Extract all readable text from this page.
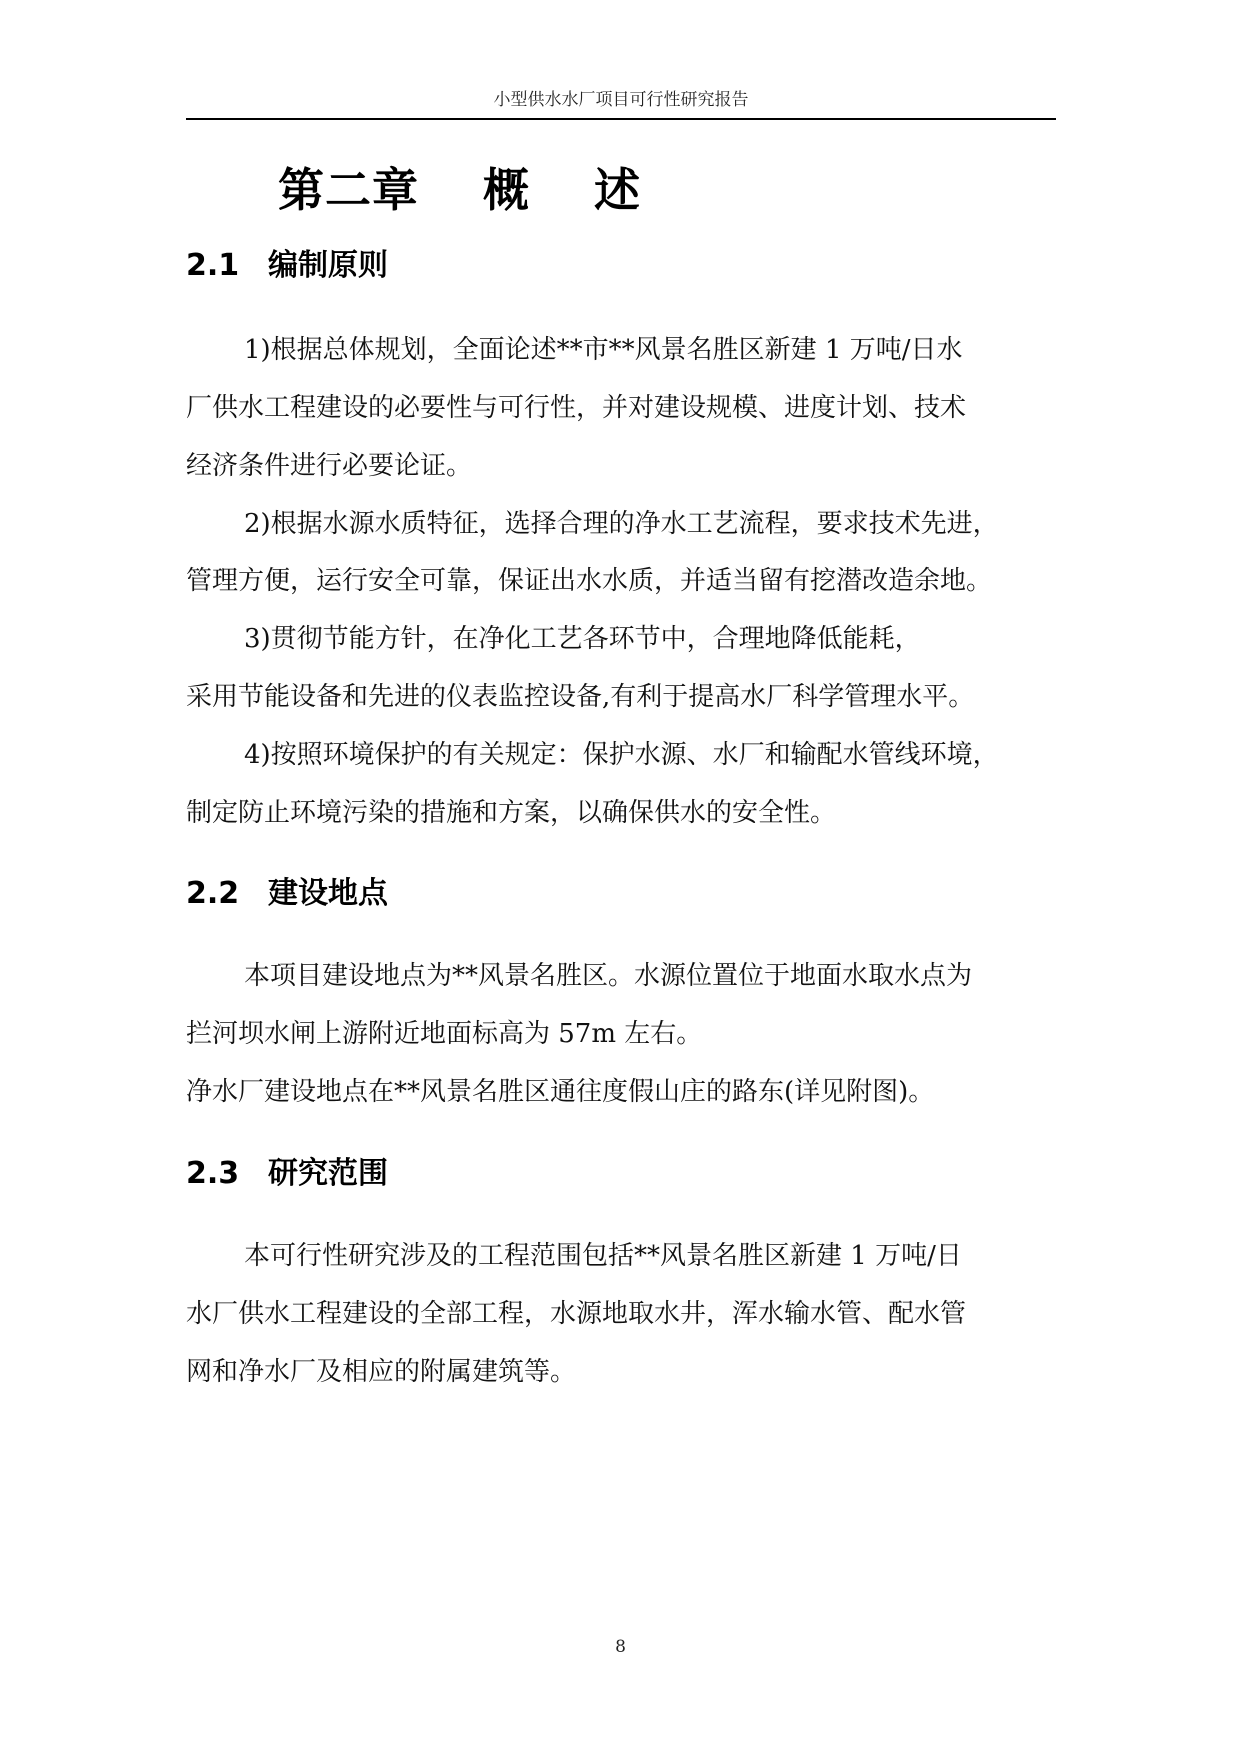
小型供水水厂项目可行性研究报告
第二章　 概　 述
2.1 编制原则
1)根据总体规划，全面论述**市**风景名胜区新建 1 万吨/日水
厂供水工程建设的必要性与可行性，并对建设规模、进度计划、技术
经济条件进行必要论证。
2)根据水源水质特征，选择合理的净水工艺流程，要求技术先进，
管理方便，运行安全可靠，保证出水水质，并适当留有挖潜改造余地。
3)贯彻节能方针，在净化工艺各环节中，合理地降低能耗，
采用节能设备和先进的仪表监控设备,有利于提高水厂科学管理水平。
4)按照环境保护的有关规定：保护水源、水厂和输配水管线环境，
制定防止环境污染的措施和方案，以确保供水的安全性。
2.2 建设地点
本项目建设地点为**风景名胜区。水源位置位于地面水取水点为
拦河坝水闸上游附近地面标高为 57m 左右。
净水厂建设地点在**风景名胜区通往度假山庄的路东(详见附图)。
2.3 研究范围
本可行性研究涉及的工程范围包括**风景名胜区新建 1 万吨/日
水厂供水工程建设的全部工程，水源地取水井，浑水输水管、配水管
网和净水厂及相应的附属建筑等。
8
